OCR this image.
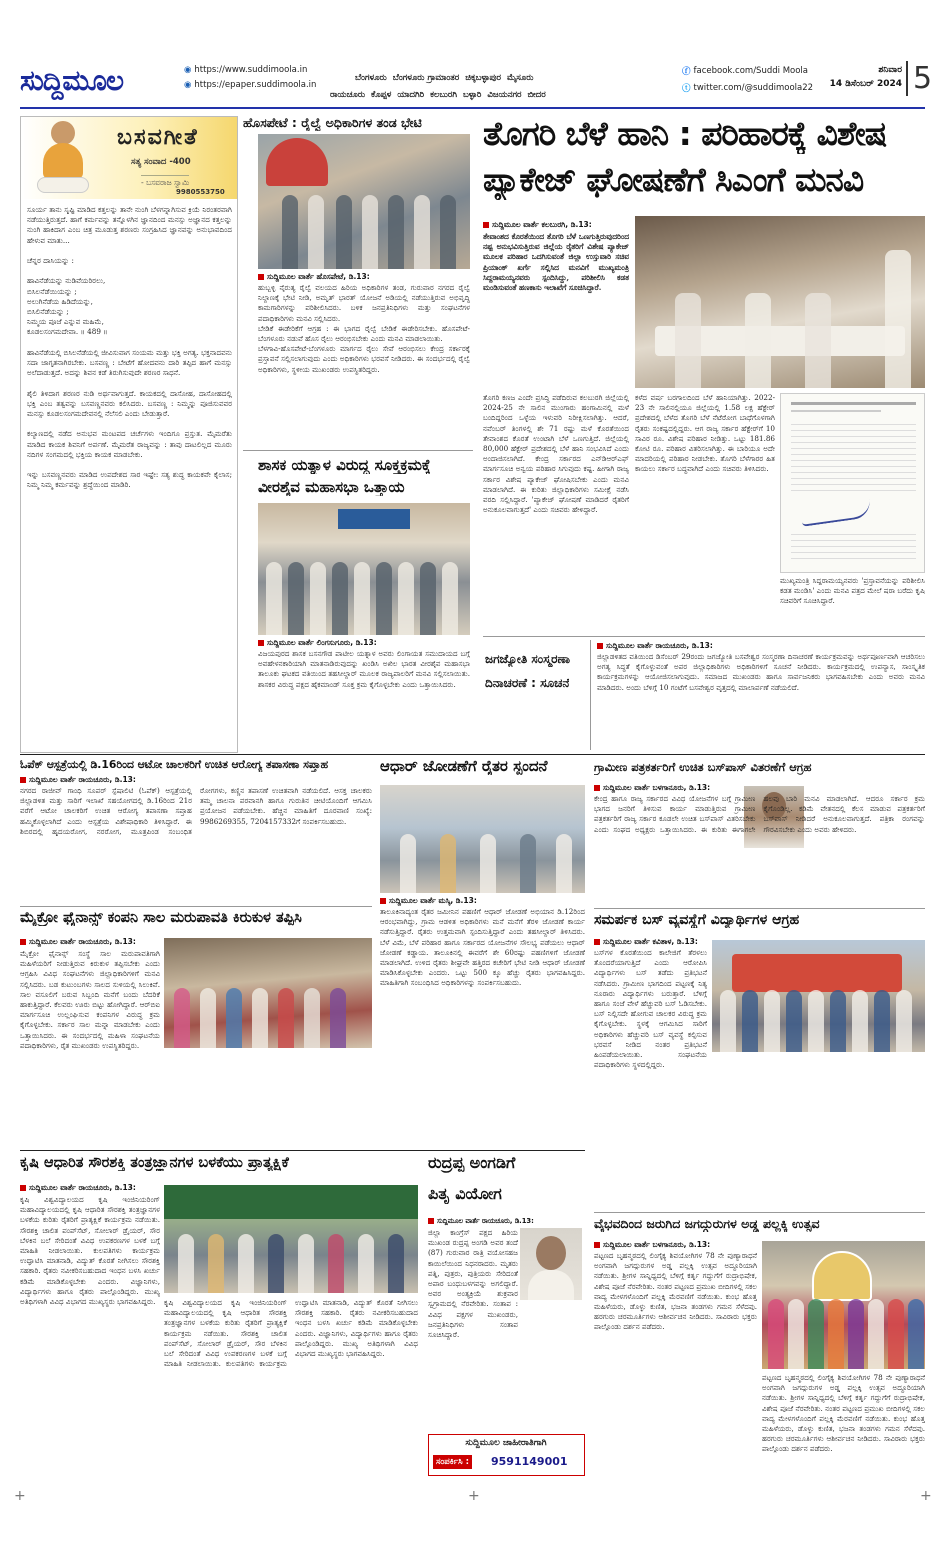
ಸುದ್ದಿಮೂಲ	◉ https://www.suddimoola.in
◉ https://epaper.suddimoola.in
ಬೆಂಗಳೂರು ಬೆಂಗಳೂರು ಗ್ರಾಮಾಂತರ ಚಿಕ್ಕಬಳ್ಳಾಪುರ ಮೈಸೂರು
ರಾಯಚೂರು ಕೊಪ್ಪಳ ಯಾದಗಿರಿ ಕಲಬುರಗಿ ಬಳ್ಳಾರಿ ವಿಜಯನಗರ ಬೀದರ
ⓕ facebook.com/Suddi Moola
ⓣ twitter.com/@suddimoola22
ಶನಿವಾರ
14 ಡಿಸೆಂಬರ್ 2024 5
ಬಸವಗೀತೆ
ಸತ್ಯ ಸಂವಾದ -400
- ಬಸವರಾಜ ಸ್ವಾಮಿ
9980553750
ಸೂರ್ಯ ತಾನು ಸೃಷ್ಟಿ ಮಾಡಿದ ಕತ್ತಲನ್ನು ತಾನೇ ನುಂಗಿ ಬೆಳಗನ್ನಾಗಿಸುವ ಕ್ರಿಯೆ ನಿರಂತರವಾಗಿ ನಡೆಯುತ್ತಿರುತ್ತದೆ. ಹಾಗೆ ಕರ್ಮವನ್ನು ತನ್ನೊಳಗಿನ ಜ್ಞಾನದಿಂದ ಮನಸ್ಸು ಅಜ್ಞಾನದ ಕತ್ತಲನ್ನು ನುಂಗಿ ಹಾಕಿದಾಗ ಎಂಬ ಚಿತ್ರ ಮೂಡುತ್ತ ಶರಣರು ಸಂಗ್ರಹಿಸಿದ ಜ್ಞಾನವನ್ನು ಅನುಭಾವದಿಂದ ಹೇಳುವ ಮಾತು...

ಚೆನ್ನರ ದಾಸಿಯನ್ನು :

ಹಾವಿನೆಡೆಯನ್ನು ನುಡಿವೆಯರಿರಲು,
ಬಿಸಿಲನೆಡೆಯಿಯನ್ನು ;
ಅಲುಗಿನೆಡೆಯ ಹಿಡಿದೆಯನ್ನು,
ಬಿಸಿಲಿನೆಡೆಯನ್ನು ;
ನಿಮ್ಮಯ ಪೂಜೆ ಎನ್ನುವ ಮಹಿಮೆ,
ಕೂಡಲಸಂಗಮದೇವಾ. ॥ 489 ॥

ಹಾವಿನೆಡೆಯಲ್ಲಿ ಬಿಸಿಲನೆಡೆಯಲ್ಲಿ ಜೀವಿಸುವಾಗ ಸಂಯಮ ಮತ್ತು ಭಕ್ತಿ ಅಗತ್ಯ. ಭಕ್ತನಾದವನು ಸದಾ ಜಾಗೃತನಾಗಿರಬೇಕು. ಬಸವಣ್ಣ : ಬೇಟೆಗೆ ಹೋದವನು ದಾರಿ ತಪ್ಪಿದ ಹಾಗೆ ಮನಸ್ಸು ಅಲೆದಾಡುತ್ತದೆ. ಅದನ್ನು ಶಿವನ ಕಡೆ ತಿರುಗಿಸುವುದೇ ಶರಣರ ಸಾಧನೆ.

ಶೈಲಿ ತಿಳಿದಾಗ ಶರಣರ ನುಡಿ ಅರ್ಥವಾಗುತ್ತದೆ. ಕಾಯಕದಲ್ಲಿ ದಾಸೋಹ, ದಾಸೋಹದಲ್ಲಿ ಭಕ್ತಿ ಎಂಬ ತತ್ವವನ್ನು ಬಸವಣ್ಣನವರು ಕಲಿಸಿದರು. ಬಸವಣ್ಣ : ನಿಮ್ಮನ್ನು ಪೂಜಿಸುವವರ ಮನಸ್ಸು ಕೂಡಲಸಂಗಮದೇವನಲ್ಲಿ ನೆಲೆಸಲಿ ಎಂದು ಬೇಡುತ್ತಾರೆ.

ಕಲ್ಯಾಣದಲ್ಲಿ ನಡೆದ ಅನುಭವ ಮಂಟಪದ ಚರ್ಚೆಗಳು ಇಂದಿಗೂ ಪ್ರಸ್ತುತ. ಮೈಮರೆತು ಮಾಡಿದ ಕಾಯಕ ಶಿವನಿಗೆ ಅರ್ಪಣೆ. ಮೈಮರೆತ ರಾಜ್ಯವನ್ನು : ತಾವು ದಾಟಲಿಲ್ಲದ ಮೂರು ನದಿಗಳ ಸಂಗಮದಲ್ಲಿ ಭಕ್ತಿಯ ಕಾಯಕ ಮಾಡಬೇಕು.

ಇನ್ನು ಬಸವಣ್ಣನವರು ಮಾಡಿದ ಉಪದೇಶದ ಸಾರ ಇಷ್ಟೇ: ಸತ್ಯ ಶುದ್ಧ ಕಾಯಕವೇ ಕೈಲಾಸ; ನಿಮ್ಮ ನಿಮ್ಮ ಕರ್ಮವನ್ನು ಶ್ರದ್ಧೆಯಿಂದ ಮಾಡಿರಿ.
ಹೊಸಪೇಟೆ : ರೈಲ್ವೆ ಅಧಿಕಾರಿಗಳ ತಂಡ ಭೇಟಿ
ಸುದ್ದಿಮೂಲ ವಾರ್ತೆ ಹೊಸಪೇಟೆ, ಡಿ.13:
ಹುಬ್ಬಳ್ಳಿ ನೈರುತ್ಯ ರೈಲ್ವೆ ವಲಯದ ಹಿರಿಯ ಅಧಿಕಾರಿಗಳ ತಂಡ, ಗುರುವಾರ ನಗರದ ರೈಲ್ವೆ ನಿಲ್ದಾಣಕ್ಕೆ ಭೇಟಿ ನೀಡಿ, ಅಮೃತ್ ಭಾರತ್ ಯೋಜನೆ ಅಡಿಯಲ್ಲಿ ನಡೆಯುತ್ತಿರುವ ಅಭಿವೃದ್ಧಿ ಕಾಮಗಾರಿಗಳನ್ನು ಪರಿಶೀಲಿಸಿದರು. ಬಳಿಕ ಜನಪ್ರತಿನಿಧಿಗಳು ಮತ್ತು ಸಂಘಟನೆಗಳ ಪದಾಧಿಕಾರಿಗಳು ಮನವಿ ಸಲ್ಲಿಸಿದರು.
ಬೇಡಿಕೆ ಈಡೇರಿಕೆಗೆ ಆಗ್ರಹ : ಈ ಭಾಗದ ರೈಲ್ವೆ ಬೇಡಿಕೆ ಈಡೇರಿಸಬೇಕು. ಹೊಸಪೇಟೆ-ಬೆಂಗಳೂರು ನಡುವೆ ಹೊಸ ರೈಲು ಆರಂಭಿಸಬೇಕು ಎಂದು ಮನವಿ ಮಾಡಲಾಯಿತು.
ಬೆಳಗಾವಿ-ಹೊಸಪೇಟೆ-ಬೆಂಗಳೂರು ಮಾರ್ಗದ ರೈಲು ಸೇವೆ ಆರಂಭಿಸಲು ಕೇಂದ್ರ ಸರ್ಕಾರಕ್ಕೆ ಪ್ರಸ್ತಾವನೆ ಸಲ್ಲಿಸಲಾಗುವುದು ಎಂದು ಅಧಿಕಾರಿಗಳು ಭರವಸೆ ನೀಡಿದರು. ಈ ಸಂದರ್ಭದಲ್ಲಿ ರೈಲ್ವೆ ಅಧಿಕಾರಿಗಳು, ಸ್ಥಳೀಯ ಮುಖಂಡರು ಉಪಸ್ಥಿತರಿದ್ದರು.
ಶಾಸಕ ಯತ್ನಾಳ ವಿರುದ್ಧ ಸೂಕ್ತಕ್ರಮಕ್ಕೆ
ವೀರಶೈವ ಮಹಾಸಭಾ ಒತ್ತಾಯ
ಸುದ್ದಿಮೂಲ ವಾರ್ತೆ ಲಿಂಗಸುಗೂರು, ಡಿ.13:
ವಿಜಯಪುರದ ಶಾಸಕ ಬಸನಗೌಡ ಪಾಟೀಲ ಯತ್ನಾಳ ಅವರು ಲಿಂಗಾಯತ ಸಮುದಾಯದ ಬಗ್ಗೆ ಅವಹೇಳನಕಾರಿಯಾಗಿ ಮಾತನಾಡಿರುವುದನ್ನು ಖಂಡಿಸಿ ಅಖಿಲ ಭಾರತ ವೀರಶೈವ ಮಹಾಸಭಾ ತಾಲೂಕು ಘಟಕದ ವತಿಯಿಂದ ತಹಸೀಲ್ದಾರ್ ಮೂಲಕ ರಾಜ್ಯಪಾಲರಿಗೆ ಮನವಿ ಸಲ್ಲಿಸಲಾಯಿತು. ಶಾಸಕರ ವಿರುದ್ಧ ಪಕ್ಷದ ಹೈಕಮಾಂಡ್ ಸೂಕ್ತ ಕ್ರಮ ಕೈಗೊಳ್ಳಬೇಕು ಎಂದು ಒತ್ತಾಯಿಸಿದರು.
ತೊಗರಿ ಬೆಳೆ ಹಾನಿ : ಪರಿಹಾರಕ್ಕೆ ವಿಶೇಷ
ಪ್ಯಾಕೇಜ್ ಘೋಷಣೆಗೆ ಸಿಎಂಗೆ ಮನವಿ
ಸುದ್ದಿಮೂಲ ವಾರ್ತೆ ಕಲಬುರಗಿ, ಡಿ.13:
ತೇವಾಂಶದ ಕೊರತೆಯಿಂದ ತೊಗರಿ ಬೆಳೆ ಒಣಗುತ್ತಿರುವುದರಿಂದ ನಷ್ಟ ಅನುಭವಿಸುತ್ತಿರುವ ಜಿಲ್ಲೆಯ ರೈತರಿಗೆ ವಿಶೇಷ ಪ್ಯಾಕೇಜ್ ಮೂಲಕ ಪರಿಹಾರ ಒದಗಿಸುವಂತೆ ಜಿಲ್ಲಾ ಉಸ್ತುವಾರಿ ಸಚಿವ ಪ್ರಿಯಾಂಕ್ ಖರ್ಗೆ ಸಲ್ಲಿಸಿದ ಮನವಿಗೆ ಮುಖ್ಯಮಂತ್ರಿ ಸಿದ್ದರಾಮಯ್ಯನವರು ಸ್ಪಂದಿಸಿದ್ದು, ಪರಿಶೀಲಿಸಿ ಕಡತ ಮಂಡಿಸುವಂತೆ ಹಣಕಾಸು ಇಲಾಖೆಗೆ ಸೂಚಿಸಿದ್ದಾರೆ.
ತೊಗರಿ ಕಣಜ ಎಂದೇ ಪ್ರಸಿದ್ಧಿ ಪಡೆದಿರುವ ಕಲಬುರಗಿ ಜಿಲ್ಲೆಯಲ್ಲಿ 2024-25 ನೇ ಸಾಲಿನ ಮುಂಗಾರು ಹಂಗಾಮಿನಲ್ಲಿ ಮಳೆ ಬಂದಿದ್ದರಿಂದ ಒಳ್ಳೆಯ ಇಳುವರಿ ನಿರೀಕ್ಷಿಸಲಾಗಿತ್ತು. ಆದರೆ, ನವೆಂಬರ್ ತಿಂಗಳಲ್ಲಿ ಶೇ 71 ರಷ್ಟು ಮಳೆ ಕೊರತೆಯಿಂದ ತೇವಾಂಶದ ಕೊರತೆ ಉಂಟಾಗಿ ಬೆಳೆ ಒಣಗುತ್ತಿದೆ. ಜಿಲ್ಲೆಯಲ್ಲಿ 80,000 ಹೆಕ್ಟೇರ್ ಪ್ರದೇಶದಲ್ಲಿ ಬೆಳೆ ಹಾನಿ ಸಂಭವಿಸಿದೆ ಎಂದು ಅಂದಾಜಿಸಲಾಗಿದೆ. ಕೇಂದ್ರ ಸರ್ಕಾರದ ಎನ್‌ಡಿಆರ್‌ಎಫ್ ಮಾರ್ಗಸೂಚಿ ಅನ್ವಯ ಪರಿಹಾರ ಸಿಗುವುದು ಕಷ್ಟ. ಹೀಗಾಗಿ ರಾಜ್ಯ ಸರ್ಕಾರ ವಿಶೇಷ ಪ್ಯಾಕೇಜ್ ಘೋಷಿಸಬೇಕು ಎಂದು ಮನವಿ ಮಾಡಲಾಗಿದೆ. ಈ ಕುರಿತು ಜಿಲ್ಲಾಧಿಕಾರಿಗಳು ಸಮೀಕ್ಷೆ ನಡೆಸಿ ವರದಿ ಸಲ್ಲಿಸಿದ್ದಾರೆ. 'ಪ್ಯಾಕೇಜ್ ಘೋಷಣೆ ಮಾಡಿದರೆ ರೈತರಿಗೆ ಅನುಕೂಲವಾಗುತ್ತದೆ' ಎಂದು ಸಚಿವರು ಹೇಳಿದ್ದಾರೆ.
ಕಳೆದ ವರ್ಷ ಬರಗಾಲದಿಂದ ಬೆಳೆ ಹಾನಿಯಾಗಿತ್ತು. 2022-23 ನೇ ಸಾಲಿನಲ್ಲಿಯೂ ಜಿಲ್ಲೆಯಲ್ಲಿ 1.58 ಲಕ್ಷ ಹೆಕ್ಟೇರ್ ಪ್ರದೇಶದಲ್ಲಿ ಬೆಳೆದ ತೊಗರಿ ಬೆಳೆ ನೆಟೆರೋಗ ಬಾಧೆಗೊಳಗಾಗಿ ರೈತರು ಸಂಕಷ್ಟದಲ್ಲಿದ್ದರು. ಆಗ ರಾಜ್ಯ ಸರ್ಕಾರ ಹೆಕ್ಟೇರ್‌ಗೆ 10 ಸಾವಿರ ರೂ. ವಿಶೇಷ ಪರಿಹಾರ ನೀಡಿತ್ತು. ಒಟ್ಟು 181.86 ಕೋಟಿ ರೂ. ಪರಿಹಾರ ವಿತರಿಸಲಾಗಿತ್ತು. ಈ ಬಾರಿಯೂ ಅದೇ ಮಾದರಿಯಲ್ಲಿ ಪರಿಹಾರ ನೀಡಬೇಕು. ತೊಗರಿ ಬೆಳೆಗಾರರ ಹಿತ ಕಾಯಲು ಸರ್ಕಾರ ಬದ್ಧವಾಗಿದೆ ಎಂದು ಸಚಿವರು ತಿಳಿಸಿದರು.
ಮುಖ್ಯಮಂತ್ರಿ ಸಿದ್ದರಾಮಯ್ಯನವರು 'ಪ್ರಸ್ತಾವನೆಯನ್ನು ಪರಿಶೀಲಿಸಿ ಕಡತ ಮಂಡಿಸಿ' ಎಂದು ಮನವಿ ಪತ್ರದ ಮೇಲೆ ಷರಾ ಬರೆದು ಕೃಷಿ ಸಚಿವರಿಗೆ ಸೂಚಿಸಿದ್ದಾರೆ.
ಜಗಜ್ಯೋತಿ ಸಂಸ್ಮರಣಾ
ದಿನಾಚರಣೆ : ಸೂಚನೆ
ಸುದ್ದಿಮೂಲ ವಾರ್ತೆ ರಾಯಚೂರು, ಡಿ.13:
ಜಿಲ್ಲಾಡಳಿತದ ವತಿಯಿಂದ ಡಿಸೆಂಬರ್ 29ರಂದು ಜಗಜ್ಯೋತಿ ಬಸವೇಶ್ವರ ಸಂಸ್ಮರಣಾ ದಿನಾಚರಣೆ ಕಾರ್ಯಕ್ರಮವನ್ನು ಅರ್ಥಪೂರ್ಣವಾಗಿ ಆಚರಿಸಲು ಅಗತ್ಯ ಸಿದ್ಧತೆ ಕೈಗೊಳ್ಳುವಂತೆ ಅಪರ ಜಿಲ್ಲಾಧಿಕಾರಿಗಳು ಅಧಿಕಾರಿಗಳಿಗೆ ಸೂಚನೆ ನೀಡಿದರು. ಕಾರ್ಯಕ್ರಮದಲ್ಲಿ ಉಪನ್ಯಾಸ, ಸಾಂಸ್ಕೃತಿಕ ಕಾರ್ಯಕ್ರಮಗಳನ್ನು ಆಯೋಜಿಸಲಾಗುವುದು. ಸಮಾಜದ ಮುಖಂಡರು ಹಾಗೂ ಸಾರ್ವಜನಿಕರು ಭಾಗವಹಿಸಬೇಕು ಎಂದು ಅವರು ಮನವಿ ಮಾಡಿದರು. ಅಂದು ಬೆಳಿಗ್ಗೆ 10 ಗಂಟೆಗೆ ಬಸವೇಶ್ವರ ವೃತ್ತದಲ್ಲಿ ಮಾಲಾರ್ಪಣೆ ನಡೆಯಲಿದೆ.
ಓಪೆಕ್ ಆಸ್ಪತ್ರೆಯಲ್ಲಿ ಡಿ.16ರಿಂದ ಆಟೋ ಚಾಲಕರಿಗೆ ಉಚಿತ ಆರೋಗ್ಯ ತಪಾಸಣಾ ಸಪ್ತಾಹ
ಸುದ್ದಿಮೂಲ ವಾರ್ತೆ ರಾಯಚೂರು, ಡಿ.13:
ನಗರದ ರಾಜೀವ್ ಗಾಂಧಿ ಸೂಪರ್ ಸ್ಪೆಷಾಲಿಟಿ (ಓಪೆಕ್) ಆಸ್ಪತ್ರೆಯಲ್ಲಿ ಜಿಲ್ಲಾಡಳಿತ ಮತ್ತು ಸಾರಿಗೆ ಇಲಾಖೆ ಸಹಯೋಗದಲ್ಲಿ ಡಿ.16ರಿಂದ 21ರ ವರೆಗೆ ಆಟೋ ಚಾಲಕರಿಗೆ ಉಚಿತ ಆರೋಗ್ಯ ತಪಾಸಣಾ ಸಪ್ತಾಹ ಹಮ್ಮಿಕೊಳ್ಳಲಾಗಿದೆ ಎಂದು ಆಸ್ಪತ್ರೆಯ ವಿಶೇಷಾಧಿಕಾರಿ ತಿಳಿಸಿದ್ದಾರೆ. ಈ ಶಿಬಿರದಲ್ಲಿ ಹೃದಯರೋಗ, ನರರೋಗ, ಮೂತ್ರಪಿಂಡ ಸಂಬಂಧಿತ ರೋಗಗಳು, ಕಣ್ಣಿನ ತಪಾಸಣೆ ಉಚಿತವಾಗಿ ನಡೆಯಲಿದೆ. ಆಸಕ್ತ ಚಾಲಕರು ತಮ್ಮ ಚಾಲನಾ ಪರವಾನಗಿ ಹಾಗೂ ಗುರುತಿನ ಚೀಟಿಯೊಂದಿಗೆ ಆಗಮಿಸಿ ಪ್ರಯೋಜನ ಪಡೆಯಬೇಕು. ಹೆಚ್ಚಿನ ಮಾಹಿತಿಗೆ ದೂರವಾಣಿ ಸಂಖ್ಯೆ: 9986269355, 7204157332ಗೆ ಸಂಪರ್ಕಿಸಬಹುದು.
ಮೈಕ್ರೋ ಫೈನಾನ್ಸ್ ಕಂಪನಿ ಸಾಲ ಮರುಪಾವತಿ ಕಿರುಕುಳ ತಪ್ಪಿಸಿ
ಸುದ್ದಿಮೂಲ ವಾರ್ತೆ ರಾಯಚೂರು, ಡಿ.13:
ಮೈಕ್ರೋ ಫೈನಾನ್ಸ್ ಸಂಸ್ಥೆ ಸಾಲ ಮರುಪಾವತಿಗಾಗಿ ಮಹಿಳೆಯರಿಗೆ ನೀಡುತ್ತಿರುವ ಕಿರುಕುಳ ತಪ್ಪಿಸಬೇಕು ಎಂದು ಆಗ್ರಹಿಸಿ ವಿವಿಧ ಸಂಘಟನೆಗಳು ಜಿಲ್ಲಾಧಿಕಾರಿಗಳಿಗೆ ಮನವಿ ಸಲ್ಲಿಸಿದರು. ಬಡ ಕುಟುಂಬಗಳು ಸಾಲದ ಸುಳಿಯಲ್ಲಿ ಸಿಲುಕಿವೆ. ಸಾಲ ವಸೂಲಿಗೆ ಬರುವ ಸಿಬ್ಬಂದಿ ಮನೆಗೆ ಬಂದು ಬೆದರಿಕೆ ಹಾಕುತ್ತಿದ್ದಾರೆ. ಕೆಲವರು ಊರು ಬಿಟ್ಟು ಹೋಗಿದ್ದಾರೆ. ಆರ್‌ಬಿಐ ಮಾರ್ಗಸೂಚಿ ಉಲ್ಲಂಘಿಸುವ ಕಂಪನಿಗಳ ವಿರುದ್ಧ ಕ್ರಮ ಕೈಗೊಳ್ಳಬೇಕು. ಸರ್ಕಾರ ಸಾಲ ಮನ್ನಾ ಮಾಡಬೇಕು ಎಂದು ಒತ್ತಾಯಿಸಿದರು. ಈ ಸಂದರ್ಭದಲ್ಲಿ ಮಹಿಳಾ ಸಂಘಟನೆಯ ಪದಾಧಿಕಾರಿಗಳು, ರೈತ ಮುಖಂಡರು ಉಪಸ್ಥಿತರಿದ್ದರು.
ಆಧಾರ್ ಜೋಡಣೆಗೆ ರೈತರ ಸ್ಪಂದನೆ
ಸುದ್ದಿಮೂಲ ವಾರ್ತೆ ಮಸ್ಕಿ, ಡಿ.13:
ತಾಲೂಕಿನಾದ್ಯಂತ ರೈತರ ಜಮೀನಿನ ಪಹಣಿಗೆ ಆಧಾರ್ ಜೋಡಣೆ ಅಭಿಯಾನ ಡಿ.12ರಿಂದ ಆರಂಭವಾಗಿದ್ದು, ಗ್ರಾಮ ಆಡಳಿತ ಅಧಿಕಾರಿಗಳು ಮನೆ ಮನೆಗೆ ತೆರಳಿ ಜೋಡಣೆ ಕಾರ್ಯ ನಡೆಸುತ್ತಿದ್ದಾರೆ. ರೈತರು ಉತ್ತಮವಾಗಿ ಸ್ಪಂದಿಸುತ್ತಿದ್ದಾರೆ ಎಂದು ತಹಸೀಲ್ದಾರ್ ತಿಳಿಸಿದರು. ಬೆಳೆ ವಿಮೆ, ಬೆಳೆ ಪರಿಹಾರ ಹಾಗೂ ಸರ್ಕಾರದ ಯೋಜನೆಗಳ ಸೌಲಭ್ಯ ಪಡೆಯಲು ಆಧಾರ್ ಜೋಡಣೆ ಕಡ್ಡಾಯ. ತಾಲೂಕಿನಲ್ಲಿ ಈವರೆಗೆ ಶೇ 60ರಷ್ಟು ಪಹಣಿಗಳಿಗೆ ಜೋಡಣೆ ಮಾಡಲಾಗಿದೆ. ಉಳಿದ ರೈತರು ಶೀಘ್ರವೇ ಹತ್ತಿರದ ಕಚೇರಿಗೆ ಭೇಟಿ ನೀಡಿ ಆಧಾರ್ ಜೋಡಣೆ ಮಾಡಿಸಿಕೊಳ್ಳಬೇಕು ಎಂದರು. ಒಟ್ಟು 500 ಕ್ಕೂ ಹೆಚ್ಚು ರೈತರು ಭಾಗವಹಿಸಿದ್ದರು. ಮಾಹಿತಿಗಾಗಿ ಸಂಬಂಧಿಸಿದ ಅಧಿಕಾರಿಗಳನ್ನು ಸಂಪರ್ಕಿಸಬಹುದು.
ಗ್ರಾಮೀಣ ಪತ್ರಕರ್ತರಿಗೆ ಉಚಿತ ಬಸ್‌ಪಾಸ್ ವಿತರಣೆಗೆ ಆಗ್ರಹ
ಸುದ್ದಿಮೂಲ ವಾರ್ತೆ ಬಳಗಾನೂರು, ಡಿ.13:
ಕೇಂದ್ರ ಹಾಗೂ ರಾಜ್ಯ ಸರ್ಕಾರದ ವಿವಿಧ ಯೋಜನೆಗಳ ಬಗ್ಗೆ ಗ್ರಾಮೀಣ ಭಾಗದ ಜನರಿಗೆ ತಿಳಿಸುವ ಕಾರ್ಯ ಮಾಡುತ್ತಿರುವ ಗ್ರಾಮೀಣ ಪತ್ರಕರ್ತರಿಗೆ ರಾಜ್ಯ ಸರ್ಕಾರ ಕೂಡಲೇ ಉಚಿತ ಬಸ್‌ಪಾಸ್ ವಿತರಿಸಬೇಕು ಎಂದು ಸಂಘದ ಅಧ್ಯಕ್ಷರು ಒತ್ತಾಯಿಸಿದರು. ಈ ಕುರಿತು ಈಗಾಗಲೇ ಹಲವು ಬಾರಿ ಮನವಿ ಮಾಡಲಾಗಿದೆ. ಆದರೂ ಸರ್ಕಾರ ಕ್ರಮ ಕೈಗೊಂಡಿಲ್ಲ. ಕಡಿಮೆ ವೇತನದಲ್ಲಿ ಕೆಲಸ ಮಾಡುವ ಪತ್ರಕರ್ತರಿಗೆ ಬಸ್‌ಪಾಸ್ ನೀಡಿದರೆ ಅನುಕೂಲವಾಗುತ್ತದೆ. ಪತ್ರಿಕಾ ರಂಗವನ್ನು ಗೌರವಿಸಬೇಕು ಎಂದು ಅವರು ಹೇಳಿದರು.
ಸಮರ್ಪಕ ಬಸ್ ವ್ಯವಸ್ಥೆಗೆ ವಿದ್ಯಾರ್ಥಿಗಳ ಆಗ್ರಹ
ಸುದ್ದಿಮೂಲ ವಾರ್ತೆ ಕವಿತಾಳ, ಡಿ.13:
ಬಸ್‌ಗಳ ಕೊರತೆಯಿಂದ ಕಾಲೇಜಿಗೆ ತೆರಳಲು ತೊಂದರೆಯಾಗುತ್ತಿದೆ ಎಂದು ಆರೋಪಿಸಿ ವಿದ್ಯಾರ್ಥಿಗಳು ಬಸ್ ತಡೆದು ಪ್ರತಿಭಟನೆ ನಡೆಸಿದರು. ಗ್ರಾಮೀಣ ಭಾಗದಿಂದ ಪಟ್ಟಣಕ್ಕೆ ನಿತ್ಯ ನೂರಾರು ವಿದ್ಯಾರ್ಥಿಗಳು ಬರುತ್ತಾರೆ. ಬೆಳಿಗ್ಗೆ ಹಾಗೂ ಸಂಜೆ ವೇಳೆ ಹೆಚ್ಚುವರಿ ಬಸ್ ಓಡಿಸಬೇಕು. ಬಸ್ ನಿಲ್ಲಿಸದೇ ಹೋಗುವ ಚಾಲಕರ ವಿರುದ್ಧ ಕ್ರಮ ಕೈಗೊಳ್ಳಬೇಕು. ಸ್ಥಳಕ್ಕೆ ಆಗಮಿಸಿದ ಸಾರಿಗೆ ಅಧಿಕಾರಿಗಳು ಹೆಚ್ಚುವರಿ ಬಸ್ ವ್ಯವಸ್ಥೆ ಕಲ್ಪಿಸುವ ಭರವಸೆ ನೀಡಿದ ನಂತರ ಪ್ರತಿಭಟನೆ ಹಿಂಪಡೆಯಲಾಯಿತು. ಸಂಘಟನೆಯ ಪದಾಧಿಕಾರಿಗಳು ಸ್ಥಳದಲ್ಲಿದ್ದರು.
ಕೃಷಿ ಆಧಾರಿತ ಸೌರಶಕ್ತಿ ತಂತ್ರಜ್ಞಾನಗಳ ಬಳಕೆಯು ಪ್ರಾತ್ಯಕ್ಷಿಕೆ
ಸುದ್ದಿಮೂಲ ವಾರ್ತೆ ರಾಯಚೂರು, ಡಿ.13:
ಕೃಷಿ ವಿಶ್ವವಿದ್ಯಾಲಯದ ಕೃಷಿ ಇಂಜಿನಿಯರಿಂಗ್ ಮಹಾವಿದ್ಯಾಲಯದಲ್ಲಿ ಕೃಷಿ ಆಧಾರಿತ ಸೌರಶಕ್ತಿ ತಂತ್ರಜ್ಞಾನಗಳ ಬಳಕೆಯ ಕುರಿತು ರೈತರಿಗೆ ಪ್ರಾತ್ಯಕ್ಷಿಕೆ ಕಾರ್ಯಕ್ರಮ ನಡೆಯಿತು. ಸೌರಶಕ್ತಿ ಚಾಲಿತ ಪಂಪ್‌ಸೆಟ್, ಸೋಲಾರ್ ಡ್ರೈಯರ್, ಸೌರ ಬೆಳಕಿನ ಬಲೆ ಸೇರಿದಂತೆ ವಿವಿಧ ಉಪಕರಣಗಳ ಬಳಕೆ ಬಗ್ಗೆ ಮಾಹಿತಿ ನೀಡಲಾಯಿತು. ಕುಲಪತಿಗಳು ಕಾರ್ಯಕ್ರಮ ಉದ್ಘಾಟಿಸಿ ಮಾತನಾಡಿ, ವಿದ್ಯುತ್ ಕೊರತೆ ನೀಗಿಸಲು ಸೌರಶಕ್ತಿ ಸಹಕಾರಿ. ರೈತರು ನವೀಕರಿಸಬಹುದಾದ ಇಂಧನ ಬಳಸಿ ಖರ್ಚು ಕಡಿಮೆ ಮಾಡಿಕೊಳ್ಳಬೇಕು ಎಂದರು. ವಿಜ್ಞಾನಿಗಳು, ವಿದ್ಯಾರ್ಥಿಗಳು ಹಾಗೂ ರೈತರು ಪಾಲ್ಗೊಂಡಿದ್ದರು. ಮುಖ್ಯ ಅತಿಥಿಗಳಾಗಿ ವಿವಿಧ ವಿಭಾಗದ ಮುಖ್ಯಸ್ಥರು ಭಾಗವಹಿಸಿದ್ದರು.	ಕೃಷಿ ವಿಶ್ವವಿದ್ಯಾಲಯದ ಕೃಷಿ ಇಂಜಿನಿಯರಿಂಗ್ ಮಹಾವಿದ್ಯಾಲಯದಲ್ಲಿ ಕೃಷಿ ಆಧಾರಿತ ಸೌರಶಕ್ತಿ ತಂತ್ರಜ್ಞಾನಗಳ ಬಳಕೆಯ ಕುರಿತು ರೈತರಿಗೆ ಪ್ರಾತ್ಯಕ್ಷಿಕೆ ಕಾರ್ಯಕ್ರಮ ನಡೆಯಿತು. ಸೌರಶಕ್ತಿ ಚಾಲಿತ ಪಂಪ್‌ಸೆಟ್, ಸೋಲಾರ್ ಡ್ರೈಯರ್, ಸೌರ ಬೆಳಕಿನ ಬಲೆ ಸೇರಿದಂತೆ ವಿವಿಧ ಉಪಕರಣಗಳ ಬಳಕೆ ಬಗ್ಗೆ ಮಾಹಿತಿ ನೀಡಲಾಯಿತು. ಕುಲಪತಿಗಳು ಕಾರ್ಯಕ್ರಮ ಉದ್ಘಾಟಿಸಿ ಮಾತನಾಡಿ, ವಿದ್ಯುತ್ ಕೊರತೆ ನೀಗಿಸಲು ಸೌರಶಕ್ತಿ ಸಹಕಾರಿ. ರೈತರು ನವೀಕರಿಸಬಹುದಾದ ಇಂಧನ ಬಳಸಿ ಖರ್ಚು ಕಡಿಮೆ ಮಾಡಿಕೊಳ್ಳಬೇಕು ಎಂದರು. ವಿಜ್ಞಾನಿಗಳು, ವಿದ್ಯಾರ್ಥಿಗಳು ಹಾಗೂ ರೈತರು ಪಾಲ್ಗೊಂಡಿದ್ದರು. ಮುಖ್ಯ ಅತಿಥಿಗಳಾಗಿ ವಿವಿಧ ವಿಭಾಗದ ಮುಖ್ಯಸ್ಥರು ಭಾಗವಹಿಸಿದ್ದರು.
ರುದ್ರಪ್ಪ ಅಂಗಡಿಗೆ
ಪಿತೃ ವಿಯೋಗ
ಸುದ್ದಿಮೂಲ ವಾರ್ತೆ ರಾಯಚೂರು, ಡಿ.13:
ಜಿಲ್ಲಾ ಕಾಂಗ್ರೆಸ್ ಪಕ್ಷದ ಹಿರಿಯ ಮುಖಂಡ ರುದ್ರಪ್ಪ ಅಂಗಡಿ ಅವರ ತಂದೆ (87) ಗುರುವಾರ ರಾತ್ರಿ ವಯೋಸಹಜ ಕಾಯಿಲೆಯಿಂದ ನಿಧನರಾದರು. ಮೃತರು ಪತ್ನಿ, ಪುತ್ರರು, ಪುತ್ರಿಯರು ಸೇರಿದಂತೆ ಅಪಾರ ಬಂಧುಬಳಗವನ್ನು ಅಗಲಿದ್ದಾರೆ. ಅವರ ಅಂತ್ಯಕ್ರಿಯೆ ಶುಕ್ರವಾರ ಸ್ವಗ್ರಾಮದಲ್ಲಿ ನೆರವೇರಿತು. ಸಂತಾಪ : ವಿವಿಧ ಪಕ್ಷಗಳ ಮುಖಂಡರು, ಜನಪ್ರತಿನಿಧಿಗಳು ಸಂತಾಪ ಸೂಚಿಸಿದ್ದಾರೆ.
ಸುದ್ದಿಮೂಲ ಜಾಹೀರಾತಿಗಾಗಿ
ಸಂಪರ್ಕಿಸಿ : 9591149001
ವೈಭವದಿಂದ ಜರುಗಿದ ಜಗದ್ಗುರುಗಳ ಅಡ್ಡ ಪಲ್ಲಕ್ಕಿ ಉತ್ಸವ
ಸುದ್ದಿಮೂಲ ವಾರ್ತೆ ಬಳಗಾನೂರು, ಡಿ.13:
ಪಟ್ಟಣದ ಬೃಹನ್ಮಠದಲ್ಲಿ ಲಿಂಗೈಕ್ಯ ಶಿವಯೋಗಿಗಳ 78 ನೇ ಪುಣ್ಯಾರಾಧನೆ ಅಂಗವಾಗಿ ಜಗದ್ಗುರುಗಳ ಅಡ್ಡ ಪಲ್ಲಕ್ಕಿ ಉತ್ಸವ ಅದ್ಧೂರಿಯಾಗಿ ನಡೆಯಿತು. ಶ್ರೀಗಳ ಸಾನ್ನಿಧ್ಯದಲ್ಲಿ ಬೆಳಿಗ್ಗೆ ಕರ್ತೃ ಗದ್ದುಗೆಗೆ ರುದ್ರಾಭಿಷೇಕ, ವಿಶೇಷ ಪೂಜೆ ನೆರವೇರಿತು. ನಂತರ ಪಟ್ಟಣದ ಪ್ರಮುಖ ಬೀದಿಗಳಲ್ಲಿ ಸಕಲ ವಾದ್ಯ ಮೇಳಗಳೊಂದಿಗೆ ಪಲ್ಲಕ್ಕಿ ಮೆರವಣಿಗೆ ನಡೆಯಿತು. ಕುಂಭ ಹೊತ್ತ ಮಹಿಳೆಯರು, ಡೊಳ್ಳು ಕುಣಿತ, ಭಜನಾ ತಂಡಗಳು ಗಮನ ಸೆಳೆದವು. ಹರಗುರು ಚರಮೂರ್ತಿಗಳು ಆಶೀರ್ವಚನ ನೀಡಿದರು. ಸಾವಿರಾರು ಭಕ್ತರು ಪಾಲ್ಗೊಂಡು ದರ್ಶನ ಪಡೆದರು.
ಪಟ್ಟಣದ ಬೃಹನ್ಮಠದಲ್ಲಿ ಲಿಂಗೈಕ್ಯ ಶಿವಯೋಗಿಗಳ 78 ನೇ ಪುಣ್ಯಾರಾಧನೆ ಅಂಗವಾಗಿ ಜಗದ್ಗುರುಗಳ ಅಡ್ಡ ಪಲ್ಲಕ್ಕಿ ಉತ್ಸವ ಅದ್ಧೂರಿಯಾಗಿ ನಡೆಯಿತು. ಶ್ರೀಗಳ ಸಾನ್ನಿಧ್ಯದಲ್ಲಿ ಬೆಳಿಗ್ಗೆ ಕರ್ತೃ ಗದ್ದುಗೆಗೆ ರುದ್ರಾಭಿಷೇಕ, ವಿಶೇಷ ಪೂಜೆ ನೆರವೇರಿತು. ನಂತರ ಪಟ್ಟಣದ ಪ್ರಮುಖ ಬೀದಿಗಳಲ್ಲಿ ಸಕಲ ವಾದ್ಯ ಮೇಳಗಳೊಂದಿಗೆ ಪಲ್ಲಕ್ಕಿ ಮೆರವಣಿಗೆ ನಡೆಯಿತು. ಕುಂಭ ಹೊತ್ತ ಮಹಿಳೆಯರು, ಡೊಳ್ಳು ಕುಣಿತ, ಭಜನಾ ತಂಡಗಳು ಗಮನ ಸೆಳೆದವು. ಹರಗುರು ಚರಮೂರ್ತಿಗಳು ಆಶೀರ್ವಚನ ನೀಡಿದರು. ಸಾವಿರಾರು ಭಕ್ತರು ಪಾಲ್ಗೊಂಡು ದರ್ಶನ ಪಡೆದರು.
+	+	+
